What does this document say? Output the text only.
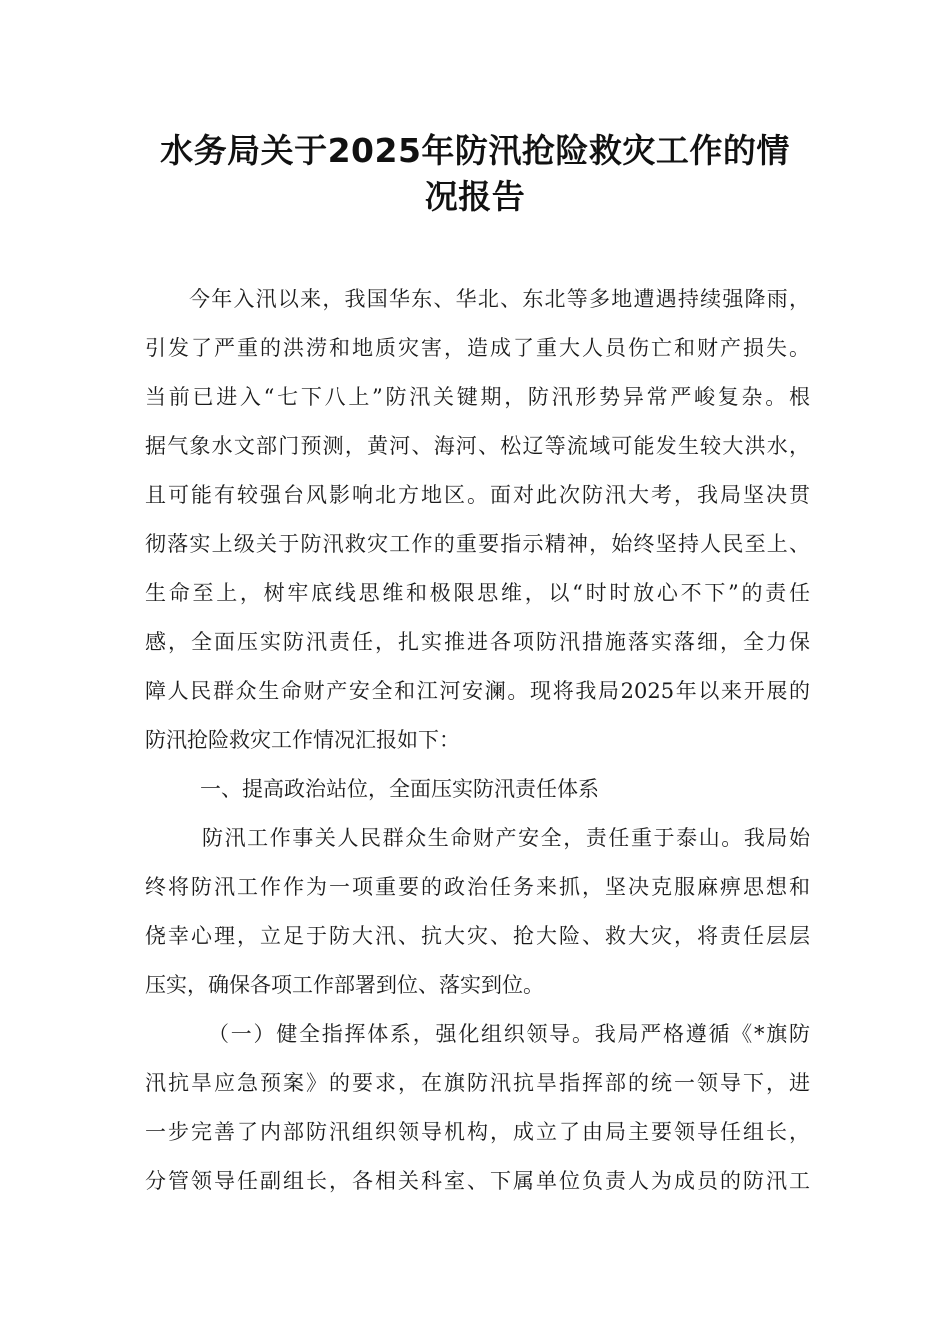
水务局关于2025年防汛抢险救灾工作的情
况报告
今年入汛以来，我国华东、华北、东北等多地遭遇持续强降雨，
引发了严重的洪涝和地质灾害，造成了重大人员伤亡和财产损失。
当前已进入“七下八上”防汛关键期，防汛形势异常严峻复杂。根
据气象水文部门预测，黄河、海河、松辽等流域可能发生较大洪水，
且可能有较强台风影响北方地区。面对此次防汛大考，我局坚决贯
彻落实上级关于防汛救灾工作的重要指示精神，始终坚持人民至上、
生命至上，树牢底线思维和极限思维，以“时时放心不下”的责任
感，全面压实防汛责任，扎实推进各项防汛措施落实落细，全力保
障人民群众生命财产安全和江河安澜。现将我局2025年以来开展的
防汛抢险救灾工作情况汇报如下：
一、提高政治站位，全面压实防汛责任体系
防汛工作事关人民群众生命财产安全，责任重于泰山。我局始
终将防汛工作作为一项重要的政治任务来抓，坚决克服麻痹思想和
侥幸心理，立足于防大汛、抗大灾、抢大险、救大灾，将责任层层
压实，确保各项工作部署到位、落实到位。
（一）健全指挥体系，强化组织领导。我局严格遵循《*旗防
汛抗旱应急预案》的要求，在旗防汛抗旱指挥部的统一领导下，进
一步完善了内部防汛组织领导机构，成立了由局主要领导任组长，
分管领导任副组长，各相关科室、下属单位负责人为成员的防汛工
